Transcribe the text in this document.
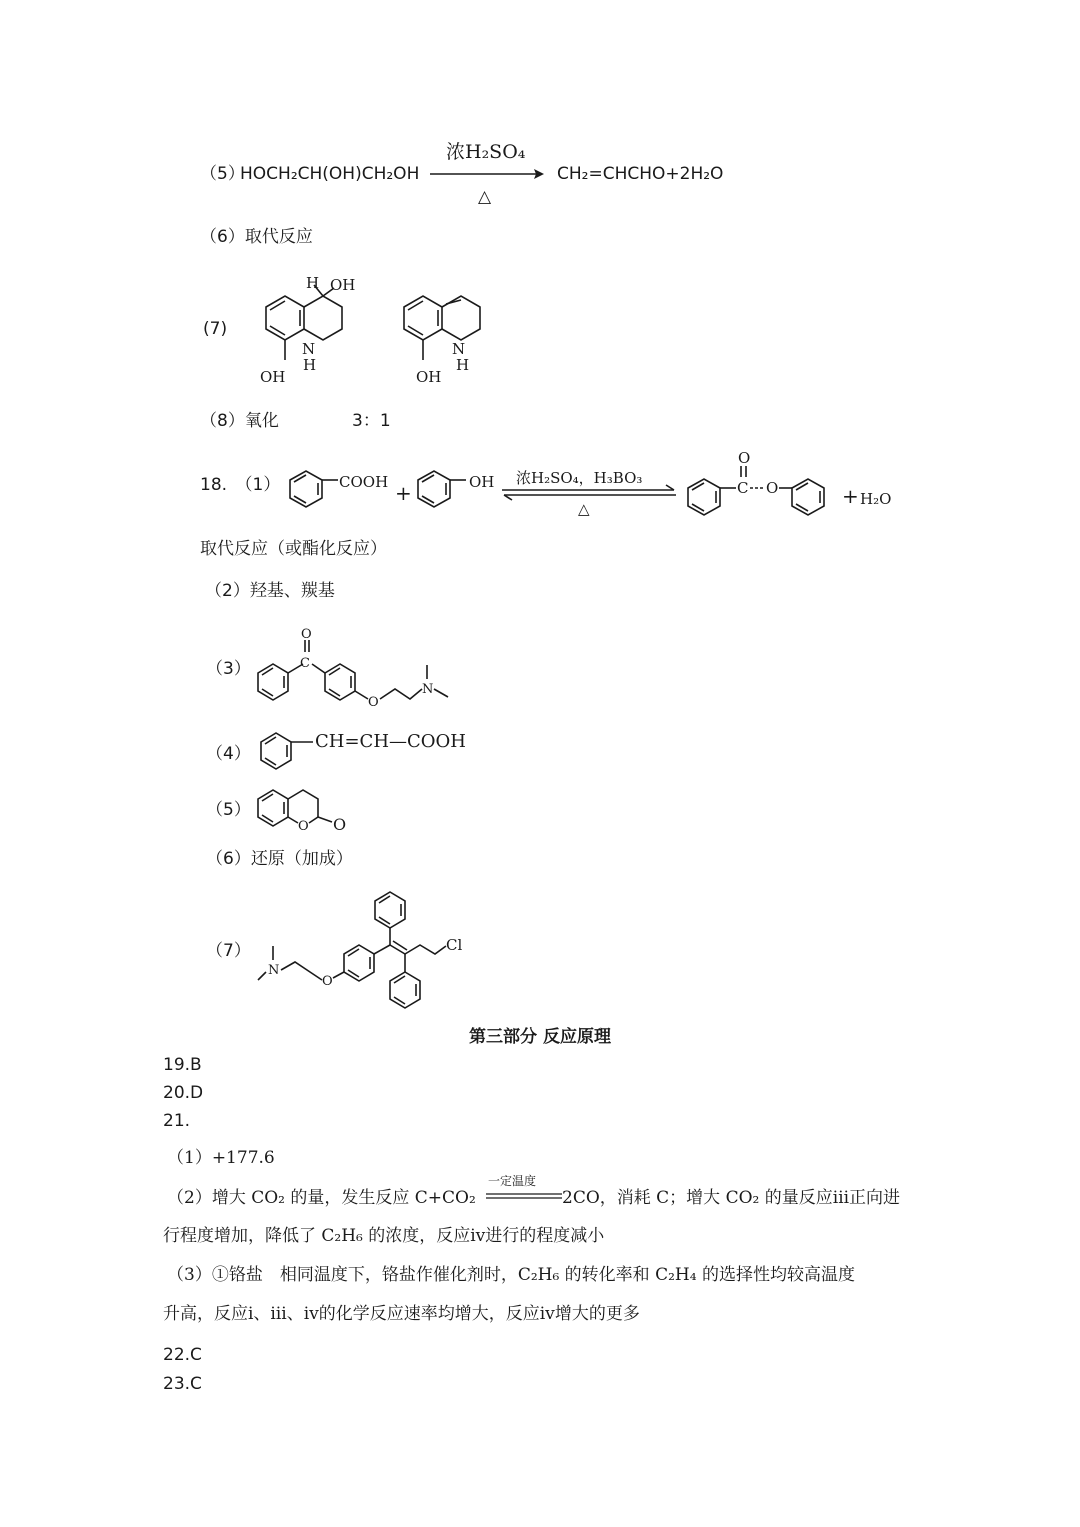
（5）
HOCH₂CH(OH)CH₂OH
浓H₂SO₄
△
CH₂=CHCHO+2H₂O
（6）取代反应
(7)
H OH
N
H
OH
N
H
OH
（8）氧化	3：1
18.　（1）	COOH +	OH 浓H₂SO₄，H₃BO₃
△
O
C O	+ H₂O
取代反应（或酯化反应）
（2）羟基、羰基
（3）	C
O
O
N
（4）
CH=CH—COOH
（5）
O O
（6）还原（加成）
（7）
N
O
Cl
第三部分 反应原理
19.B
20.D
21.
（1）+177.6
（2）增大 CO₂ 的量，发生反应 C+CO₂
一定温度
2CO，消耗 C；增大 CO₂ 的量反应ⅲ正向进
行程度增加，降低了 C₂H₆ 的浓度，反应ⅳ进行的程度减小
（3）①铬盐　相同温度下，铬盐作催化剂时，C₂H₆ 的转化率和 C₂H₄ 的选择性均较高温度
升高，反应ⅰ、ⅲ、ⅳ的化学反应速率均增大，反应ⅳ增大的更多
22.C
23.C
